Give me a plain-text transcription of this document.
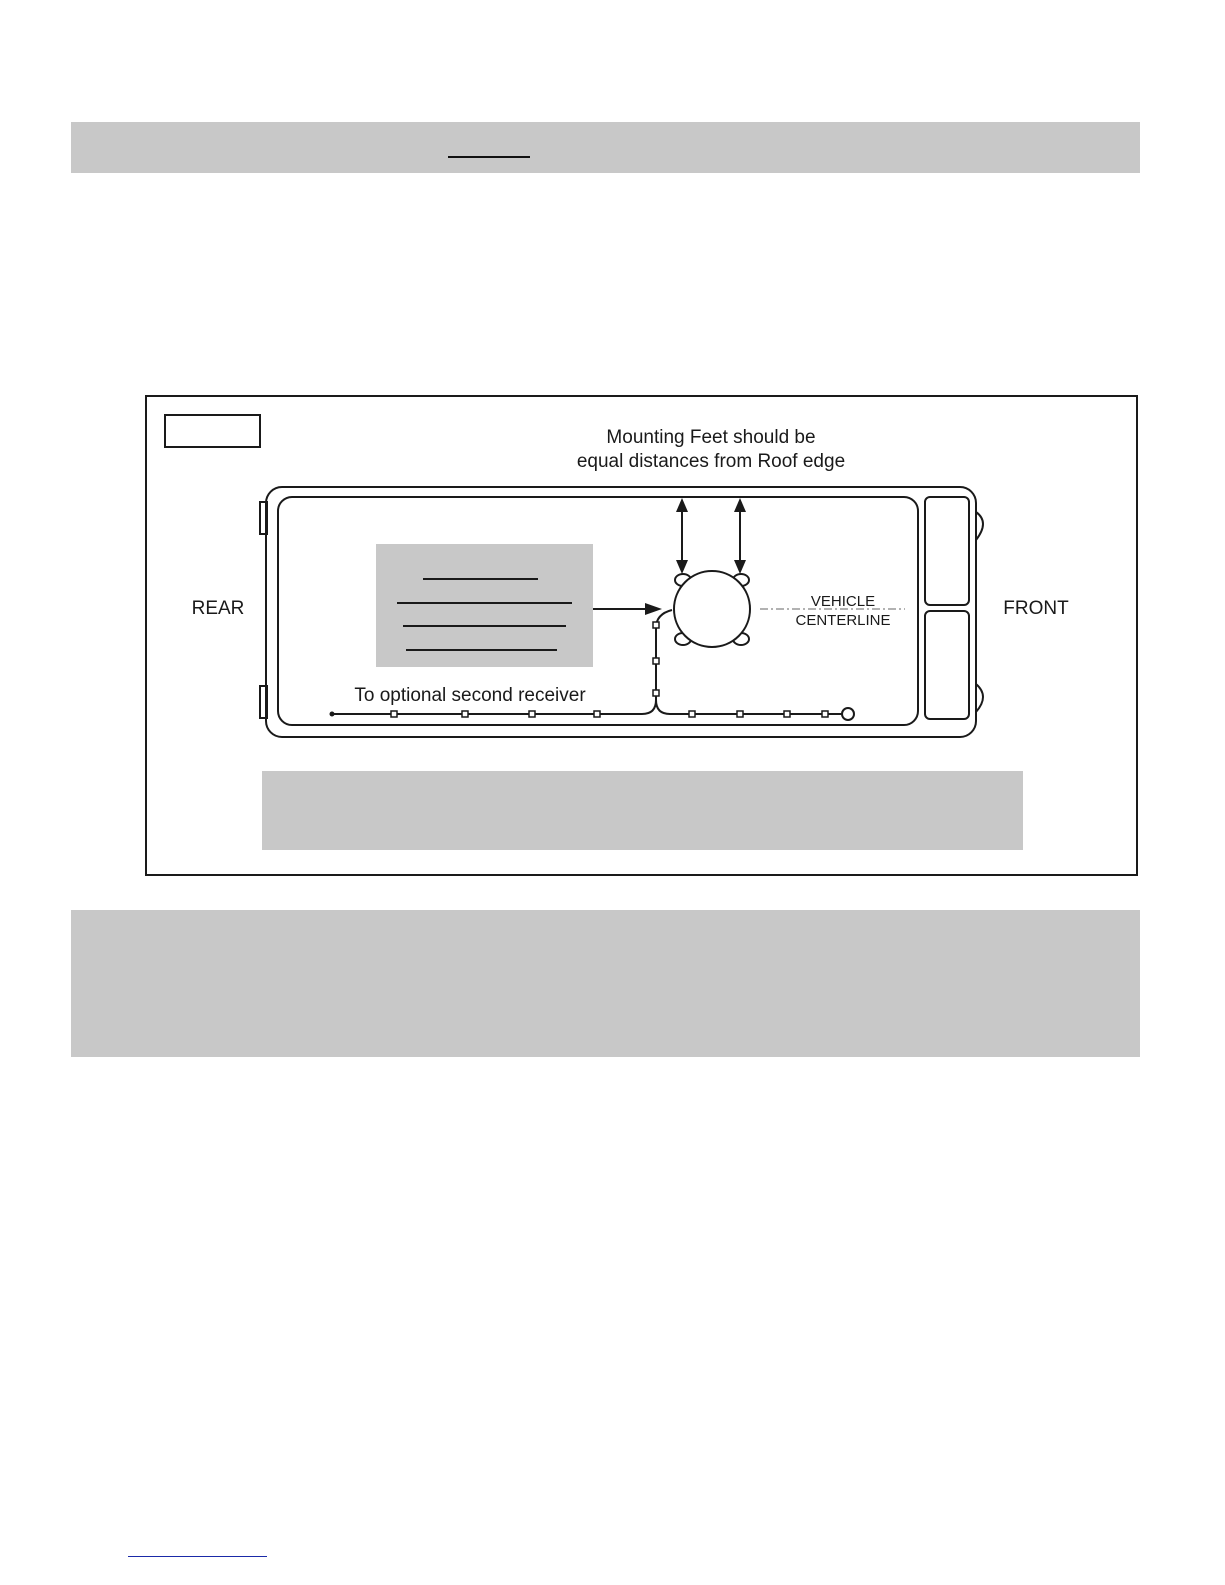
Mounting Feet should be
equal distances from Roof edge
REAR	FRONT
VEHICLE
CENTERLINE
To optional second receiver
